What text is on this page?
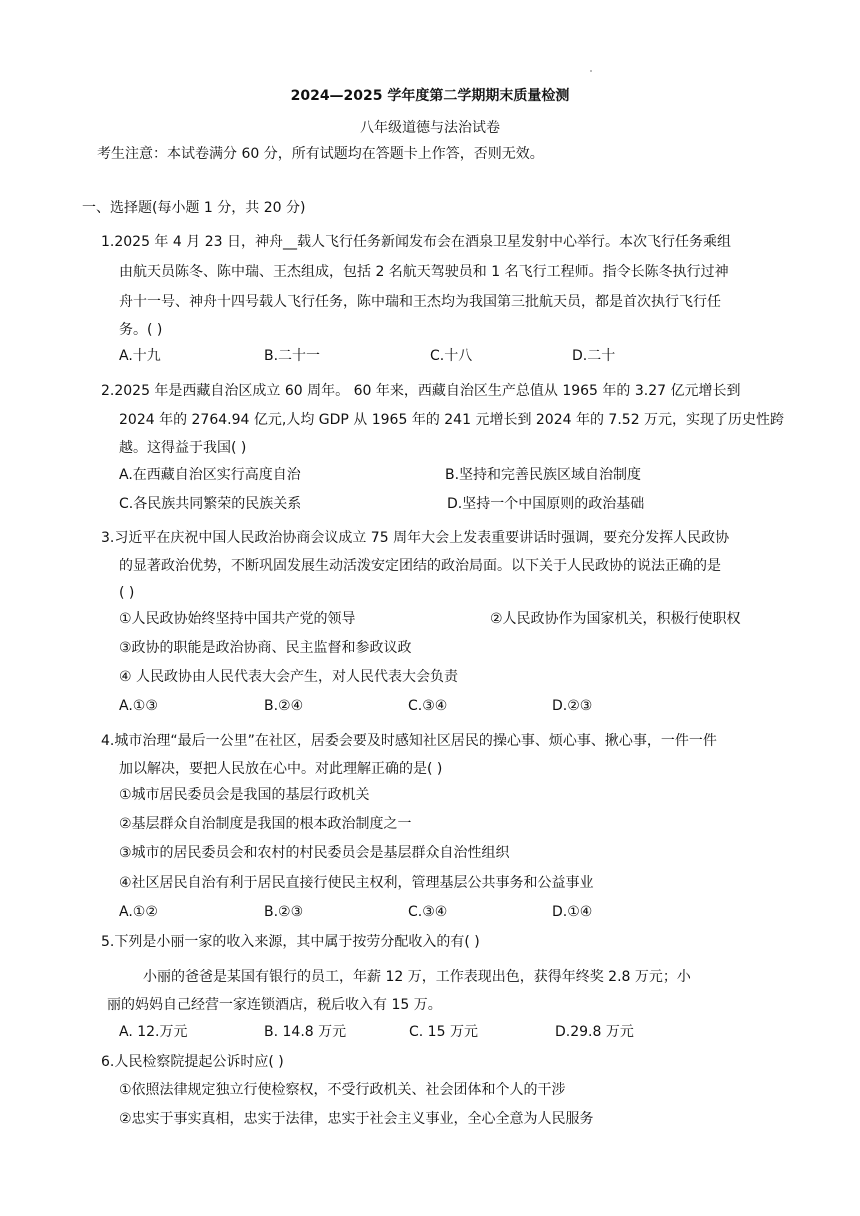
2024—2025 学年度第二学期期末质量检测
八年级道德与法治试卷
考生注意：本试卷满分 60 分，所有试题均在答题卡上作答，否则无效。
一、选择题(每小题 1 分，共 20 分)
1.2025 年 4 月 23 日，神舟__载人飞行任务新闻发布会在酒泉卫星发射中心举行。本次飞行任务乘组
由航天员陈冬、陈中瑞、王杰组成，包括 2 名航天驾驶员和 1 名飞行工程师。指令长陈冬执行过神
舟十一号、神舟十四号载人飞行任务，陈中瑞和王杰均为我国第三批航天员，都是首次执行飞行任
务。( )
A.十九	B.二十一	C.十八	D.二十
2.2025 年是西藏自治区成立 60 周年。 60 年来，西藏自治区生产总值从 1965 年的 3.27 亿元增长到
2024 年的 2764.94 亿元,人均 GDP 从 1965 年的 241 元增长到 2024 年的 7.52 万元，实现了历史性跨
越。这得益于我国( )
A.在西藏自治区实行高度自治	B.坚持和完善民族区域自治制度
C.各民族共同繁荣的民族关系	D.坚持一个中国原则的政治基础
3.习近平在庆祝中国人民政治协商会议成立 75 周年大会上发表重要讲话时强调，要充分发挥人民政协
的显著政治优势，不断巩固发展生动活泼安定团结的政治局面。以下关于人民政协的说法正确的是
( )
①人民政协始终坚持中国共产党的领导	②人民政协作为国家机关，积极行使职权
③政协的职能是政治协商、民主监督和参政议政
④ 人民政协由人民代表大会产生，对人民代表大会负责
A.①③	B.②④	C.③④	D.②③
4.城市治理“最后一公里”在社区，居委会要及时感知社区居民的操心事、烦心事、揪心事，一件一件
加以解决，要把人民放在心中。对此理解正确的是( )
①城市居民委员会是我国的基层行政机关
②基层群众自治制度是我国的根本政治制度之一
③城市的居民委员会和农村的村民委员会是基层群众自治性组织
④社区居民自治有利于居民直接行使民主权利，管理基层公共事务和公益事业
A.①②	B.②③	C.③④	D.①④
5.下列是小丽一家的收入来源，其中属于按劳分配收入的有( )
小丽的爸爸是某国有银行的员工，年薪 12 万，工作表现出色，获得年终奖 2.8 万元；小
丽的妈妈自己经营一家连锁酒店，税后收入有 15 万。
A. 12.万元	B. 14.8 万元	C. 15 万元	D.29.8 万元
6.人民检察院提起公诉时应( )
①依照法律规定独立行使检察权，不受行政机关、社会团体和个人的干涉
②忠实于事实真相，忠实于法律，忠实于社会主义事业，全心全意为人民服务
